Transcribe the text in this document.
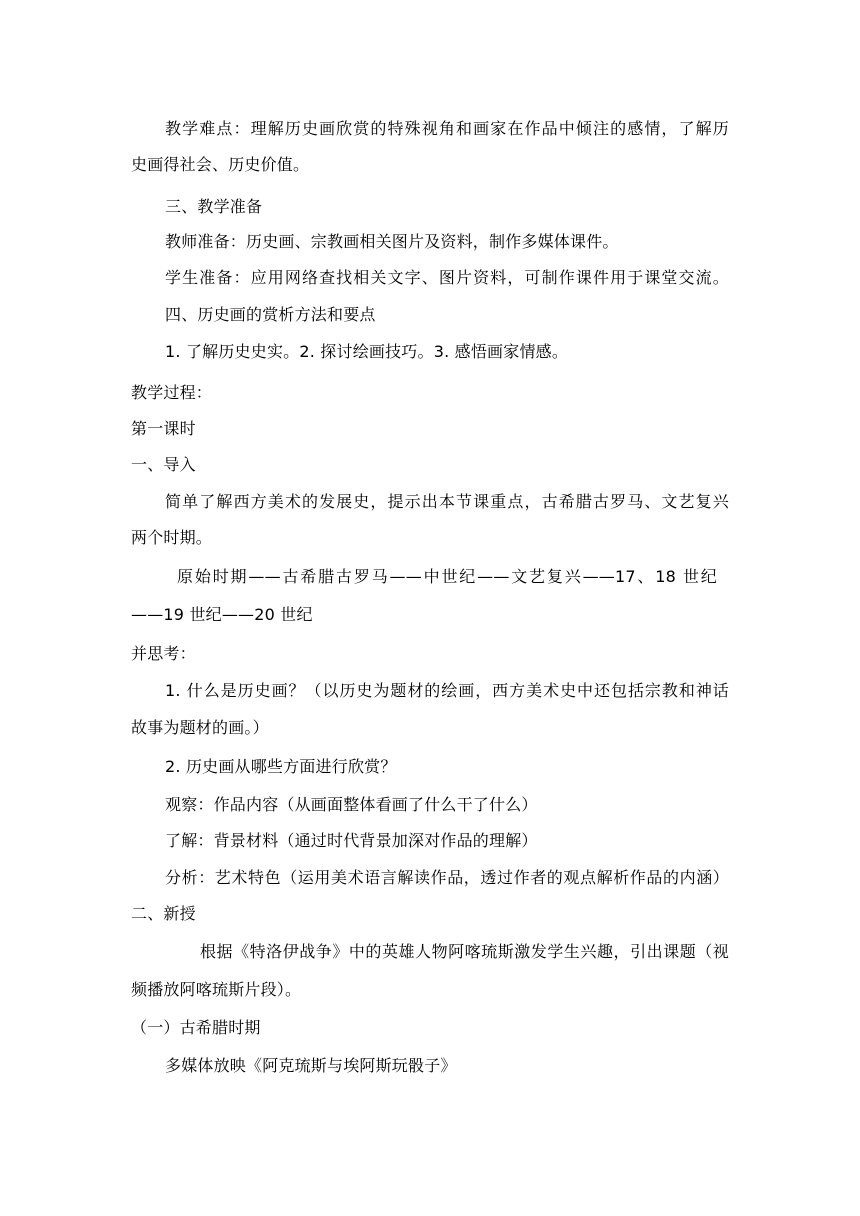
教学难点：理解历史画欣赏的特殊视角和画家在作品中倾注的感情，了解历
史画得社会、历史价值。
三、教学准备
教师准备：历史画、宗教画相关图片及资料，制作多媒体课件。
学生准备：应用网络查找相关文字、图片资料，可制作课件用于课堂交流。
四、历史画的赏析方法和要点
1. 了解历史史实。2. 探讨绘画技巧。3. 感悟画家情感。
教学过程：
第一课时
一、导入
简单了解西方美术的发展史，提示出本节课重点，古希腊古罗马、文艺复兴
两个时期。
原始时期——古希腊古罗马——中世纪——文艺复兴——17、18 世纪
——19 世纪——20 世纪
并思考：
1. 什么是历史画？（以历史为题材的绘画，西方美术史中还包括宗教和神话
故事为题材的画。）
2. 历史画从哪些方面进行欣赏？
观察：作品内容（从画面整体看画了什么干了什么）
了解：背景材料（通过时代背景加深对作品的理解）
分析：艺术特色（运用美术语言解读作品，透过作者的观点解析作品的内涵）
二、新授
根据《特洛伊战争》中的英雄人物阿喀琉斯激发学生兴趣，引出课题（视
频播放阿喀琉斯片段）。
（一）古希腊时期
多媒体放映《阿克琉斯与埃阿斯玩骰子》
